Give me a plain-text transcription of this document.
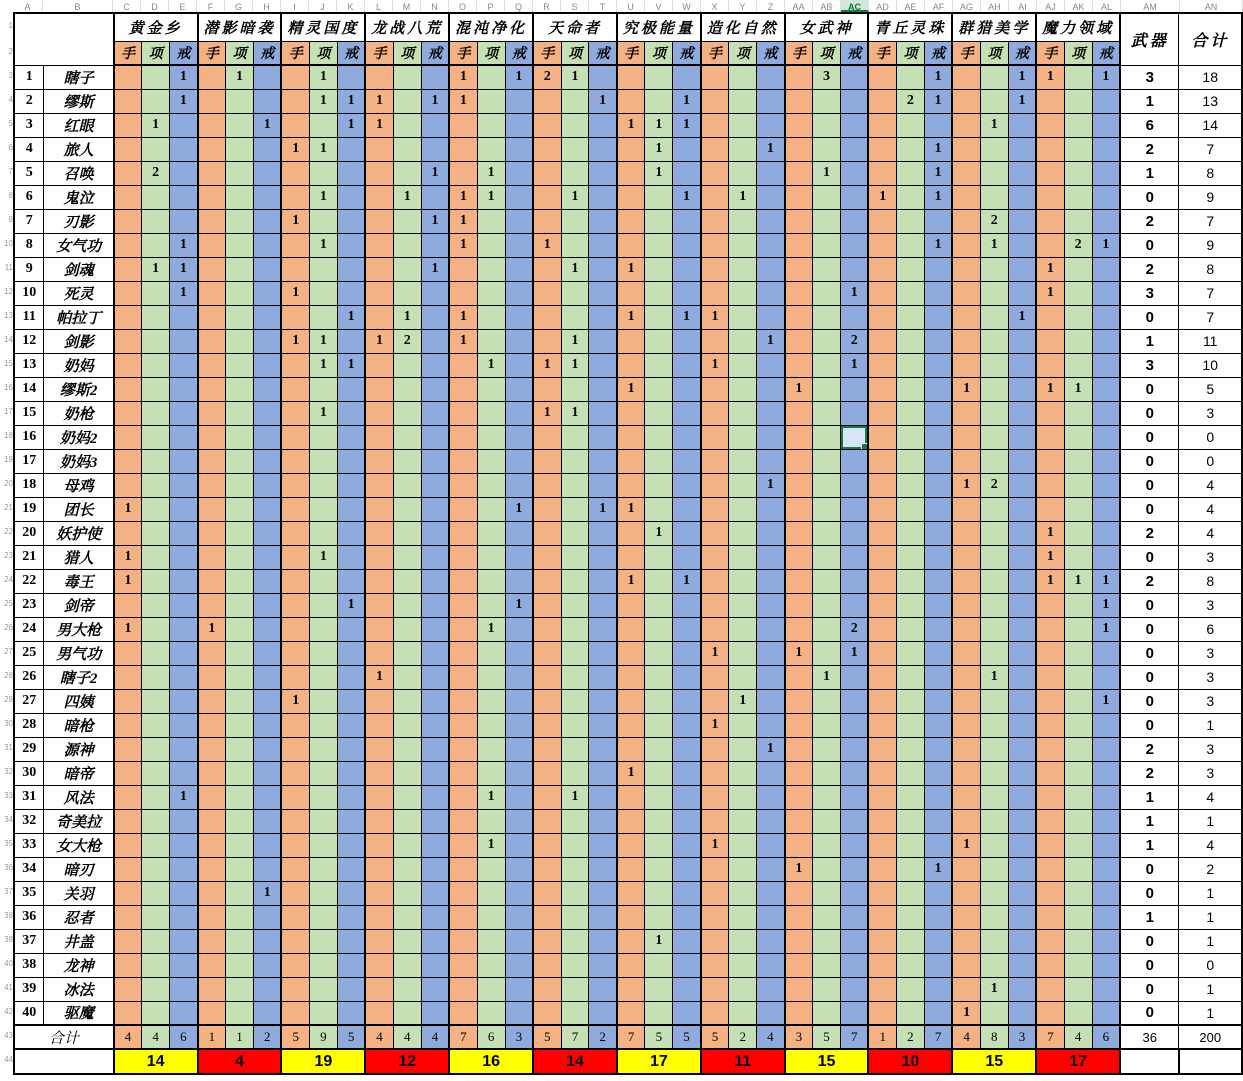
1
2
3
4
5
6
7
8
9
10
11
12
13
14
15
16
17
18
19
20
21
22
23
24
25
26
27
28
29
30
31
32
33
34
35
36
37
38
39
40
41
42
43
44
A	B	C	D	E	F	G	H	I	J	K	L	M	N	O	P	Q	R	S	T	U	V	W	X	Y	Z	AA	AB	AC	AD	AE	AF	AG	AH	AI	AJ	AK	AL	AM	AN
		黄金乡			潜影暗袭			精灵国度			龙战八荒			混沌净化			天命者			究极能量			造化自然			女武神			青丘灵珠			群猎美学			魔力领域			武器	合计
		手	项	戒	手	项	戒	手	项	戒	手	项	戒	手	项	戒	手	项	戒	手	项	戒	手	项	戒	手	项	戒	手	项	戒	手	项	戒	手	项	戒		
1	瞎子			1		1			1					1		1	2	1									3				1			1	1		1	3	18
2	缪斯			1					1	1	1		1	1					1			1								2	1			1				1	13
3	红眼		1				1			1	1									1	1	1											1					6	14
4	旅人							1	1												1				1						1							2	7
5	召唤		2										1		1						1						1				1							1	8
6	鬼泣								1			1		1	1			1				1		1					1		1							0	9
7	刃影							1					1	1																			2					2	7
8	女气功			1					1					1			1														1		1			2	1	0	9
9	剑魂		1	1									1					1		1															1			2	8
10	死灵			1				1																				1							1			3	7
11	帕拉丁									1		1		1						1		1	1											1				0	7
12	剑影							1	1		1	2		1				1							1			2										1	11
13	奶妈								1	1					1		1	1					1					1										3	10
14	缪斯2																			1						1						1			1	1		0	5
15	奶枪								1								1	1																				0	3
16	奶妈2																																					0	0
17	奶妈3																																					0	0
18	母鸡																								1							1	2					0	4
19	团长	1														1			1	1																		0	4
20	妖护使																				1														1			2	4
21	猎人	1							1																										1			0	3
22	毒王	1																		1		1													1	1	1	2	8
23	剑帝									1						1																					1	0	3
24	男大枪	1			1										1													2									1	0	6
25	男气功																						1			1		1										0	3
26	瞎子2										1																1						1					0	3
27	四姨							1																1													1	0	3
28	暗枪																						1															0	1
29	源神																								1													2	3
30	暗帝																			1																		2	3
31	风法			1											1			1																				1	4
32	奇美拉																																					1	1
33	女大枪														1								1									1						1	4
34	暗刃																									1					1							0	2
35	关羽						1																															0	1
36	忍者																																					1	1
37	井盖																				1																	0	1
38	龙神																																					0	0
39	冰法																																1					0	1
40	驱魔																															1						0	1
合计		4	4	6	1	1	2	5	9	5	4	4	4	7	6	3	5	7	2	7	5	5	5	2	4	3	5	7	1	2	7	4	8	3	7	4	6	36	200
		14			4			19			12			16			14			17			11			15			10			15			17				
